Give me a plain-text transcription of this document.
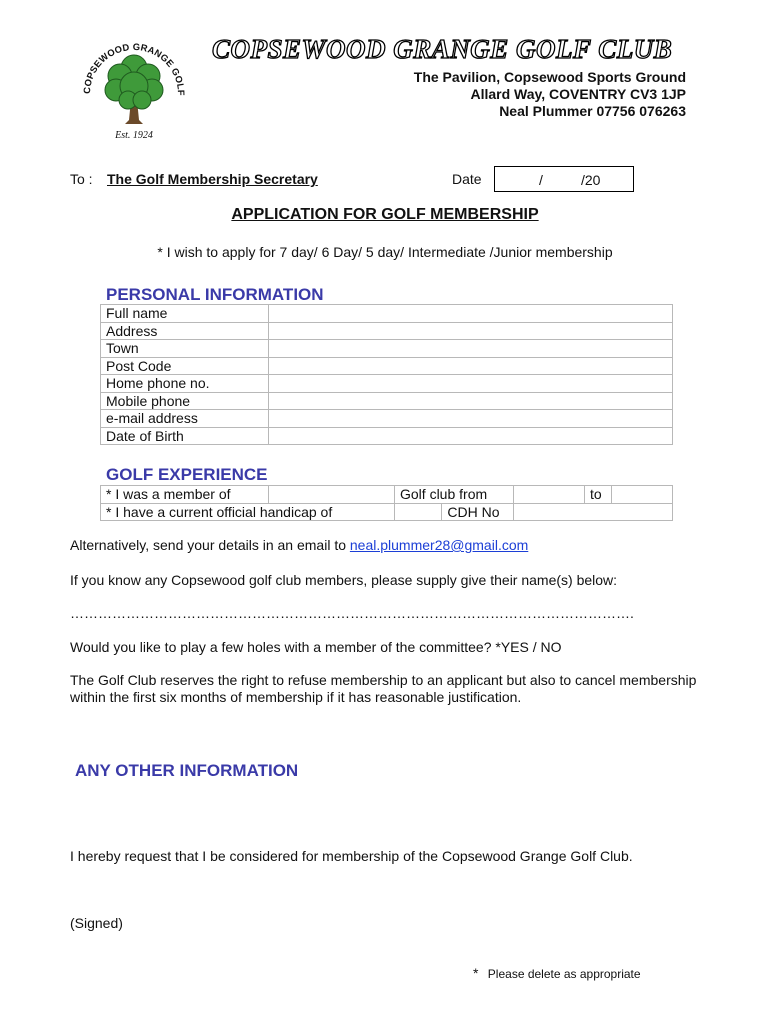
COPSEWOOD GRANGE GOLF
Est. 1924
COPSEWOOD GRANGE GOLF CLUB
The Pavilion, Copsewood Sports Ground
Allard Way, COVENTRY CV3 1JP
Neal Plummer 07756 076263
To : The Golf Membership Secretary	Date	/	/20
APPLICATION FOR GOLF MEMBERSHIP
* I wish to apply for 7 day/ 6 Day/ 5 day/ Intermediate /Junior membership
PERSONAL INFORMATION
Full name	
Address	
Town	
Post Code	
Home phone no.	
Mobile phone	
e-mail address	
Date of Birth	
GOLF EXPERIENCE
* I was a member of		Golf club from			to	
* I have a current official handicap of			CDH No			
Alternatively, send your details in an email to neal.plummer28@gmail.com
If you know any Copsewood golf club members, please supply give their name(s) below:
………………………………………………………………………………………………………….
Would you like to play a few holes with a member of the committee? *YES / NO
The Golf Club reserves the right to refuse membership to an applicant but also to cancel membership within the first six months of membership if it has reasonable justification.
ANY OTHER INFORMATION
I hereby request that I be considered for membership of the Copsewood Grange Golf Club.
(Signed)
* Please delete as appropriate
